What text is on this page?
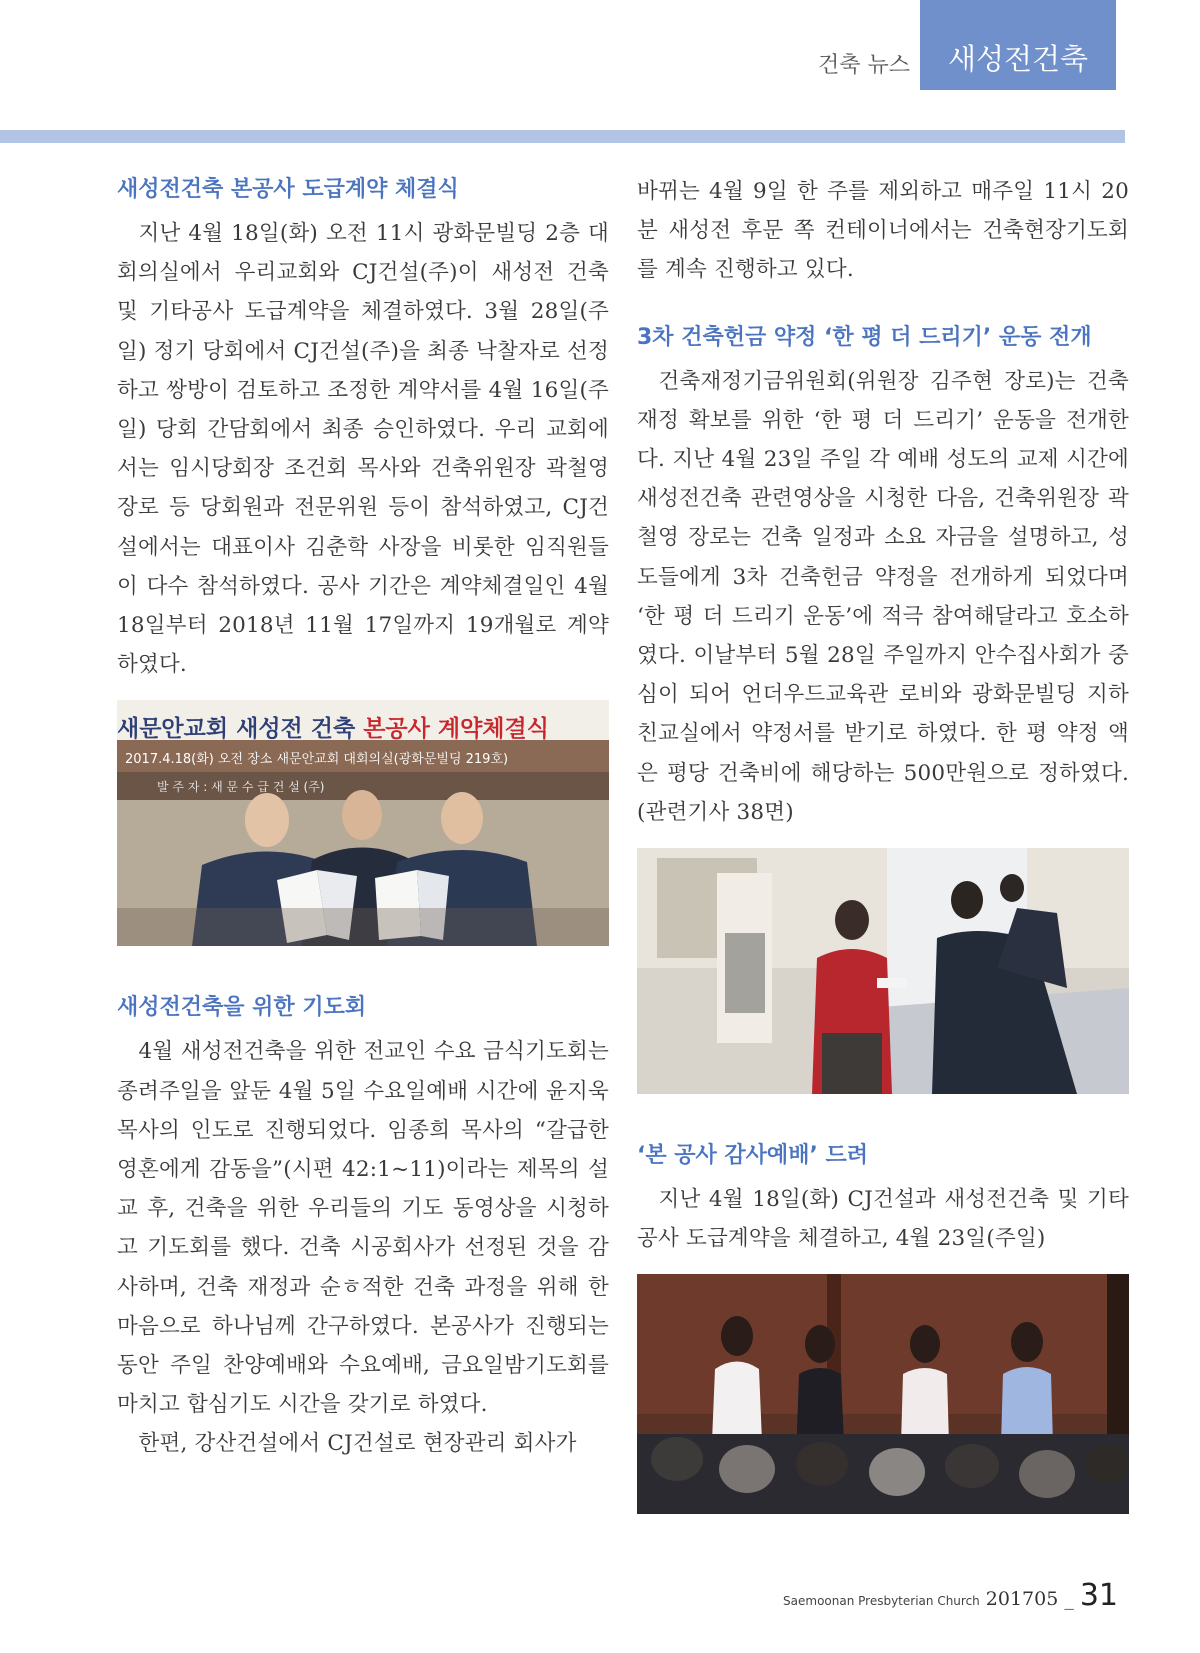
건축 뉴스 새성전건축
새성전건축 본공사 도급계약 체결식

지난 4월 18일(화) 오전 11시 광화문빌딩 2층 대회의실에서 우리교회와 CJ건설(주)이 새성전 건축 및 기타공사 도급계약을 체결하였다. 3월 28일(주일) 정기 당회에서 CJ건설(주)을 최종 낙찰자로 선정하고 쌍방이 검토하고 조정한 계약서를 4월 16일(주일) 당회 간담회에서 최종 승인하였다. 우리 교회에서는 임시당회장 조건회 목사와 건축위원장 곽철영 장로 등 당회원과 전문위원 등이 참석하였고, CJ건설에서는 대표이사 김춘학 사장을 비롯한 임직원들이 다수 참석하였다. 공사 기간은 계약체결일인 4월 18일부터 2018년 11월 17일까지 19개월로 계약하였다.

새문안교회 새성전 건축 본공사 계약체결식
2017.4.18(화) 오전 장소 새문안교회 대회의실(광화문빌딩 219호)
발 주 자 : 새 문 수 급 건 설 (주)
새성전건축을 위한 기도회

4월 새성전건축을 위한 전교인 수요 금식기도회는 종려주일을 앞둔 4월 5일 수요일예배 시간에 윤지욱 목사의 인도로 진행되었다. 임종희 목사의 “갈급한 영혼에게 감동을”(시편 42:1~11)이라는 제목의 설교 후, 건축을 위한 우리들의 기도 동영상을 시청하고 기도회를 했다. 건축 시공회사가 선정된 것을 감사하며, 건축 재정과 순ㅎ적한 건축 과정을 위해 한마음으로 하나님께 간구하였다. 본공사가 진행되는 동안 주일 찬양예배와 수요예배, 금요일밤기도회를 마치고 합심기도 시간을 갖기로 하였다.

한편, 강산건설에서 CJ건설로 현장관리 회사가

바뀌는 4월 9일 한 주를 제외하고 매주일 11시 20분 새성전 후문 쪽 컨테이너에서는 건축현장기도회를 계속 진행하고 있다.

3차 건축헌금 약정 ‘한 평 더 드리기’ 운동 전개

건축재정기금위원회(위원장 김주현 장로)는 건축재정 확보를 위한 ‘한 평 더 드리기’ 운동을 전개한다. 지난 4월 23일 주일 각 예배 성도의 교제 시간에 새성전건축 관련영상을 시청한 다음, 건축위원장 곽철영 장로는 건축 일정과 소요 자금을 설명하고, 성도들에게 3차 건축헌금 약정을 전개하게 되었다며 ‘한 평 더 드리기 운동’에 적극 참여해달라고 호소하였다. 이날부터 5월 28일 주일까지 안수집사회가 중심이 되어 언더우드교육관 로비와 광화문빌딩 지하 친교실에서 약정서를 받기로 하였다. 한 평 약정 액은 평당 건축비에 해당하는 500만원으로 정하였다.(관련기사 38면)

‘본 공사 감사예배’ 드려

지난 4월 18일(화) CJ건설과 새성전건축 및 기타공사 도급계약을 체결하고, 4월 23일(주일)

Saemoonan Presbyterian Church 201705 _ 31
